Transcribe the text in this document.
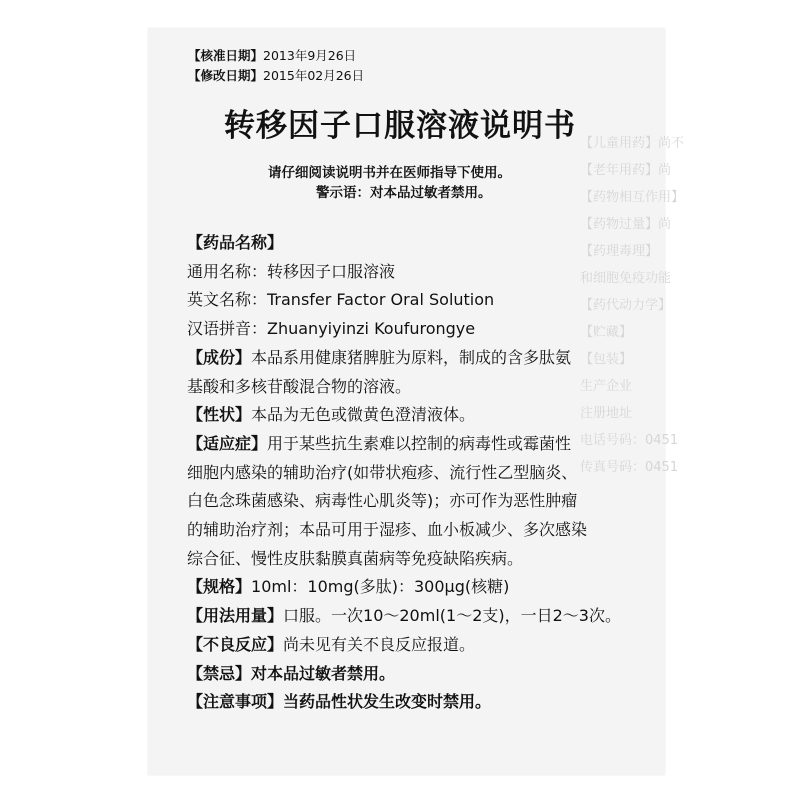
【儿童用药】尚不
【老年用药】尚
【药物相互作用】
【药物过量】尚
【药理毒理】
和细胞免疫功能
【药代动力学】
【贮藏】
【包装】
生产企业
注册地址
电话号码：0451
传真号码：0451
【核准日期】2013年9月26日
【修改日期】2015年02月26日
转移因子口服溶液说明书
请仔细阅读说明书并在医师指导下使用。
警示语：对本品过敏者禁用。
【药品名称】
通用名称：转移因子口服溶液
英文名称：Transfer Factor Oral Solution
汉语拼音：Zhuanyiyinzi Koufurongye
【成份】本品系用健康猪脾脏为原料，制成的含多肽氨
基酸和多核苷酸混合物的溶液。
【性状】本品为无色或微黄色澄清液体。
【适应症】用于某些抗生素难以控制的病毒性或霉菌性
细胞内感染的辅助治疗(如带状疱疹、流行性乙型脑炎、
白色念珠菌感染、病毒性心肌炎等)；亦可作为恶性肿瘤
的辅助治疗剂；本品可用于湿疹、血小板减少、多次感染
综合征、慢性皮肤黏膜真菌病等免疫缺陷疾病。
【规格】10ml：10mg(多肽)：300μg(核糖)
【用法用量】口服。一次10～20ml(1～2支)，一日2～3次。
【不良反应】尚未见有关不良反应报道。
【禁忌】对本品过敏者禁用。
【注意事项】当药品性状发生改变时禁用。
